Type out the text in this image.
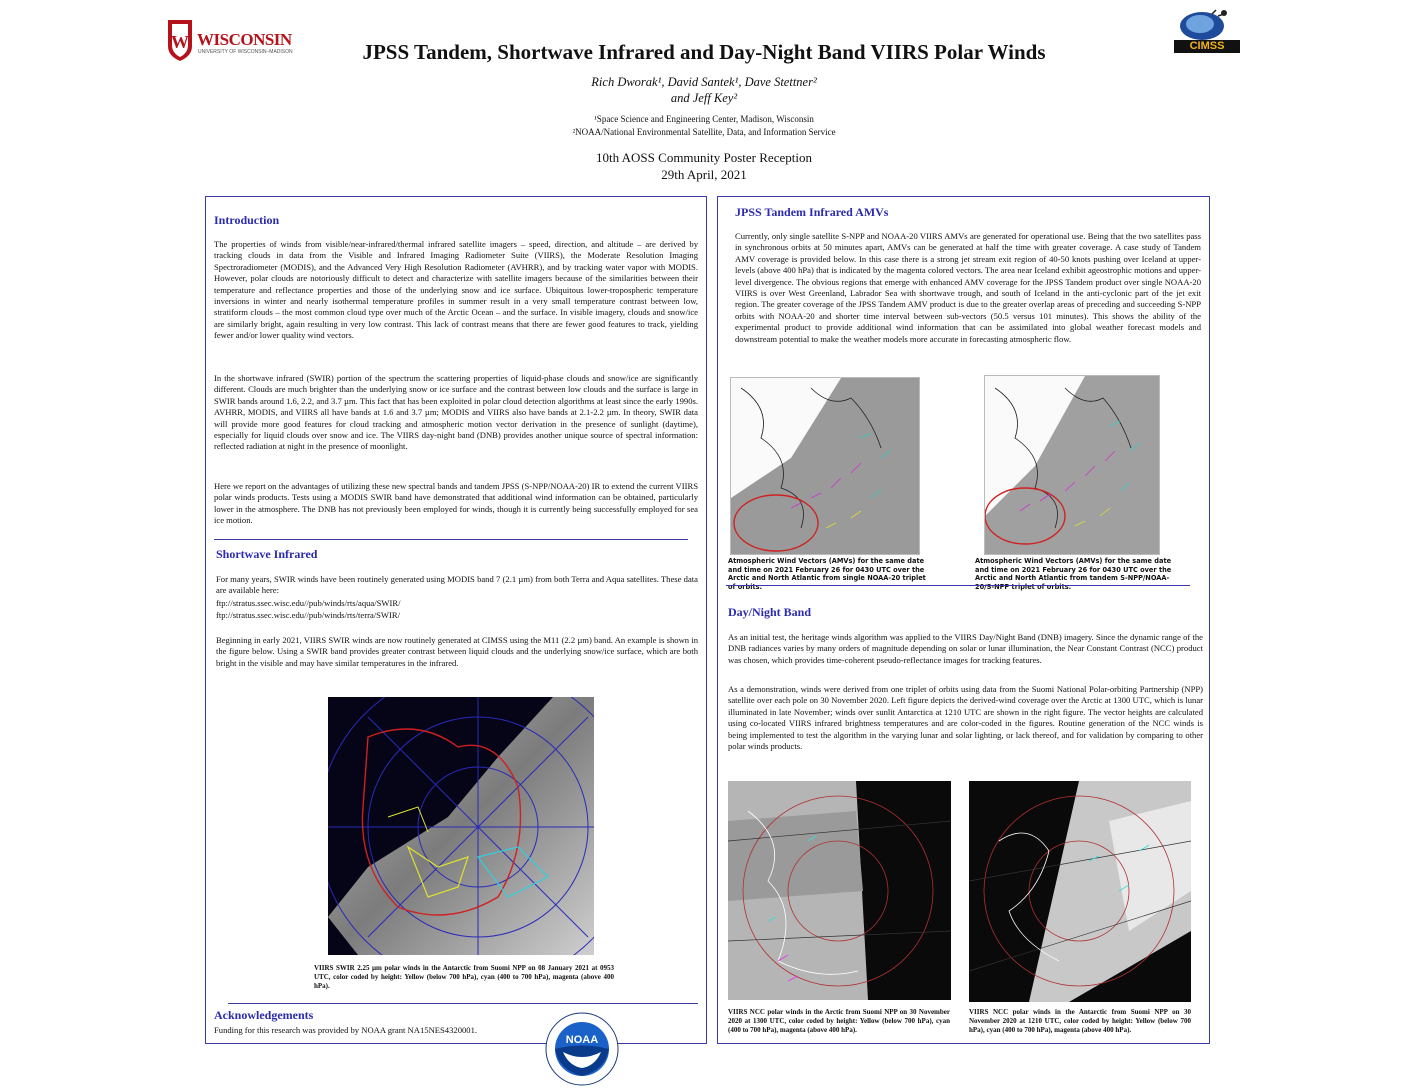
W WISCONSIN
UNIVERSITY OF WISCONSIN–MADISON	CIMSS
JPSS Tandem, Shortwave Infrared and Day-Night Band VIIRS Polar Winds
Rich Dworak¹, David Santek¹, Dave Stettner²
and Jeff Key²
¹Space Science and Engineering Center, Madison, Wisconsin
²NOAA/National Environmental Satellite, Data, and Information Service
10th AOSS Community Poster Reception
29th April, 2021
Introduction
The properties of winds from visible/near-infrared/thermal infrared satellite imagers – speed, direction, and altitude – are derived by tracking clouds in data from the Visible and Infrared Imaging Radiometer Suite (VIIRS), the Moderate Resolution Imaging Spectroradiometer (MODIS), and the Advanced Very High Resolution Radiometer (AVHRR), and by tracking water vapor with MODIS. However, polar clouds are notoriously difficult to detect and characterize with satellite imagers because of the similarities between their temperature and reflectance properties and those of the underlying snow and ice surface. Ubiquitous lower-tropospheric temperature inversions in winter and nearly isothermal temperature profiles in summer result in a very small temperature contrast between low, stratiform clouds – the most common cloud type over much of the Arctic Ocean – and the surface. In visible imagery, clouds and snow/ice are similarly bright, again resulting in very low contrast. This lack of contrast means that there are fewer good features to track, yielding fewer and/or lower quality wind vectors.
In the shortwave infrared (SWIR) portion of the spectrum the scattering properties of liquid-phase clouds and snow/ice are significantly different. Clouds are much brighter than the underlying snow or ice surface and the contrast between low clouds and the surface is large in SWIR bands around 1.6, 2.2, and 3.7 µm. This fact that has been exploited in polar cloud detection algorithms at least since the early 1990s. AVHRR, MODIS, and VIIRS all have bands at 1.6 and 3.7 µm; MODIS and VIIRS also have bands at 2.1-2.2 µm. In theory, SWIR data will provide more good features for cloud tracking and atmospheric motion vector derivation in the presence of sunlight (daytime), especially for liquid clouds over snow and ice. The VIIRS day-night band (DNB) provides another unique source of spectral information: reflected radiation at night in the presence of moonlight.
Here we report on the advantages of utilizing these new spectral bands and tandem JPSS (S-NPP/NOAA-20) IR to extend the current VIIRS polar winds products. Tests using a MODIS SWIR band have demonstrated that additional wind information can be obtained, particularly lower in the atmosphere. The DNB has not previously been employed for winds, though it is currently being successfully employed for sea ice motion.
Shortwave Infrared
For many years, SWIR winds have been routinely generated using MODIS band 7 (2.1 µm) from both Terra and Aqua satellites. These data are available here:
ftp://stratus.ssec.wisc.edu//pub/winds/rts/aqua/SWIR/
ftp://stratus.ssec.wisc.edu//pub/winds/rts/terra/SWIR/
Beginning in early 2021, VIIRS SWIR winds are now routinely generated at CIMSS using the M11 (2.2 µm) band. An example is shown in the figure below. Using a SWIR band provides greater contrast between liquid clouds and the underlying snow/ice surface, which are both bright in the visible and may have similar temperatures in the infrared.
VIIRS SWIR 2.25 µm polar winds in the Antarctic from Suomi NPP on 08 January 2021 at 0953 UTC, color coded by height: Yellow (below 700 hPa), cyan (400 to 700 hPa), magenta (above 400 hPa).
Acknowledgements
Funding for this research was provided by NOAA grant NA15NES4320001.
NOAA
JPSS Tandem Infrared AMVs
Currently, only single satellite S-NPP and NOAA-20 VIIRS AMVs are generated for operational use. Being that the two satellites pass in synchronous orbits at 50 minutes apart, AMVs can be generated at half the time with greater coverage. A case study of Tandem AMV coverage is provided below. In this case there is a strong jet stream exit region of 40-50 knots pushing over Iceland at upper-levels (above 400 hPa) that is indicated by the magenta colored vectors. The area near Iceland exhibit ageostrophic motions and upper-level divergence. The obvious regions that emerge with enhanced AMV coverage for the JPSS Tandem product over single NOAA-20 VIIRS is over West Greenland, Labrador Sea with shortwave trough, and south of Iceland in the anti-cyclonic part of the jet exit region. The greater coverage of the JPSS Tandem AMV product is due to the greater overlap areas of preceding and succeeding S-NPP orbits with NOAA-20 and shorter time interval between sub-vectors (50.5 versus 101 minutes). This shows the ability of the experimental product to provide additional wind information that can be assimilated into global weather forecast models and downstream potential to make the weather models more accurate in forecasting atmospheric flow.
Atmospheric Wind Vectors (AMVs) for the same date and time on 2021 February 26 for 0430 UTC over the Arctic and North Atlantic from single NOAA-20 triplet of orbits.
Atmospheric Wind Vectors (AMVs) for the same date and time on 2021 February 26 for 0430 UTC over the Arctic and North Atlantic from tandem S-NPP/NOAA-20/S-NPP triplet of orbits.
Day/Night Band
As an initial test, the heritage winds algorithm was applied to the VIIRS Day/Night Band (DNB) imagery. Since the dynamic range of the DNB radiances varies by many orders of magnitude depending on solar or lunar illumination, the Near Constant Contrast (NCC) product was chosen, which provides time-coherent pseudo-reflectance images for tracking features.
As a demonstration, winds were derived from one triplet of orbits using data from the Suomi National Polar-orbiting Partnership (NPP) satellite over each pole on 30 November 2020. Left figure depicts the derived-wind coverage over the Arctic at 1300 UTC, which is lunar illuminated in late November; winds over sunlit Antarctica at 1210 UTC are shown in the right figure. The vector heights are calculated using co-located VIIRS infrared brightness temperatures and are color-coded in the figures. Routine generation of the NCC winds is being implemented to test the algorithm in the varying lunar and solar lighting, or lack thereof, and for validation by comparing to other polar winds products.
VIIRS NCC polar winds in the Arctic from Suomi NPP on 30 November 2020 at 1300 UTC, color coded by height: Yellow (below 700 hPa), cyan (400 to 700 hPa), magenta (above 400 hPa).
VIIRS NCC polar winds in the Antarctic from Suomi NPP on 30 November 2020 at 1210 UTC, color coded by height: Yellow (below 700 hPa), cyan (400 to 700 hPa), magenta (above 400 hPa).
